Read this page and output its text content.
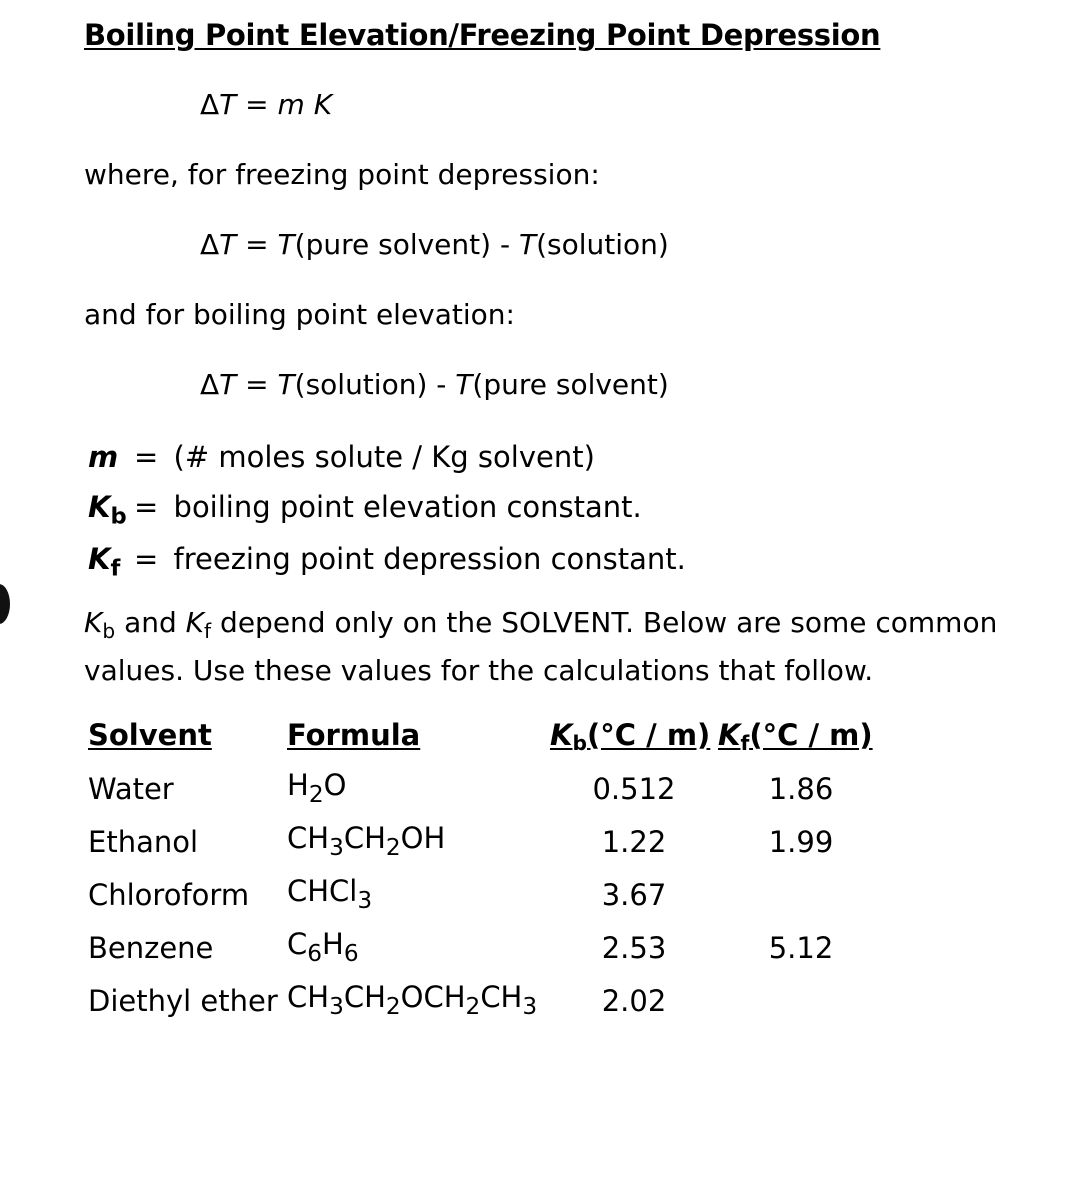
Boiling Point Elevation/Freezing Point Depression
ΔT = m K
where, for freezing point depression:
ΔT = T(pure solvent) - T(solution)
and for boiling point elevation:
ΔT = T(solution) - T(pure solvent)
m = (# moles solute / Kg solvent)
$K_b$ = boiling point elevation constant.
$K_f$ = freezing point depression constant.
$K_b$ and $K_f$ depend only on the SOLVENT. Below are some common
values. Use these values for the calculations that follow.
Solvent	Formula	Kb(°C / m) Kf(°C / m)
Water	$H_2O$	0.512	1.86
Ethanol	$CH_3CH_2OH$	1.22	1.99
Chloroform CHCl$_3$	3.67
Benzene	$C_6H_6$	2.53	5.12
Diethyl ether $CH_3CH_2OCH_2CH_3$	2.02
